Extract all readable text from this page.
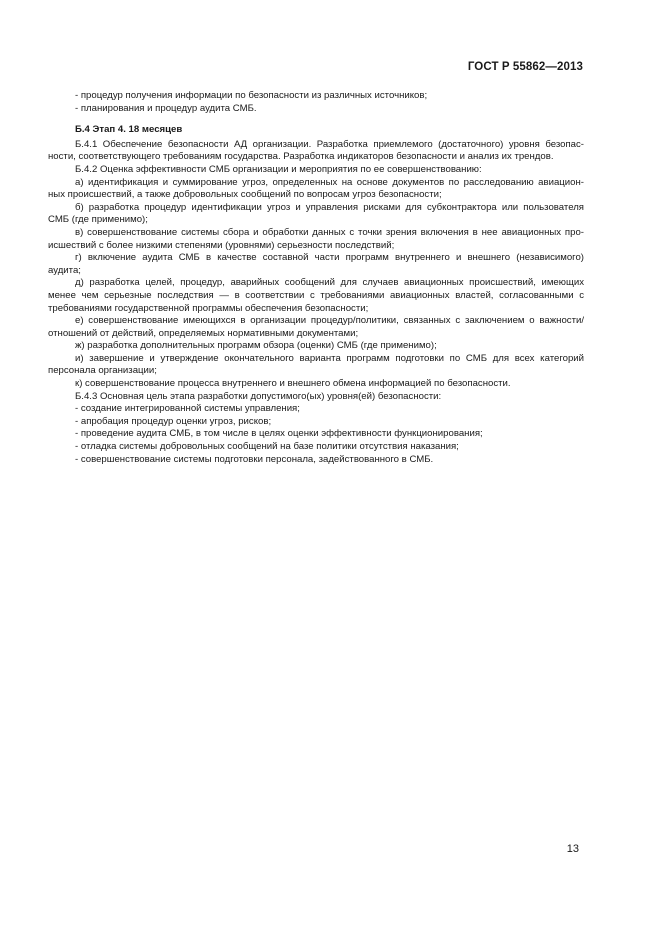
ГОСТ Р 55862—2013
- процедур получения информации по безопасности из различных источников;
- планирования и процедур аудита СМБ.
Б.4 Этап 4. 18 месяцев
Б.4.1 Обеспечение безопасности АД организации. Разработка приемлемого (достаточного) уровня безопас-
ности, соответствующего требованиям государства. Разработка индикаторов безопасности и анализ их трендов.
Б.4.2 Оценка эффективности СМБ организации и мероприятия по ее совершенствованию:
а) идентификация и суммирование угроз, определенных на основе документов по расследованию авиацион-
ных происшествий, а также добровольных сообщений по вопросам угроз безопасности;
б) разработка процедур идентификации угроз и управления рисками для субконтрактора или пользователя
СМБ (где применимо);
в) совершенствование системы сбора и обработки данных с точки зрения включения в нее авиационных про-
исшествий с более низкими степенями (уровнями) серьезности последствий;
г) включение аудита СМБ в качестве составной части программ внутреннего и внешнего (независимого)
аудита;
д) разработка целей, процедур, аварийных сообщений для случаев авиационных происшествий, имеющих
менее чем серьезные последствия — в соответствии с требованиями авиационных властей, согласованными с
требованиями государственной программы обеспечения безопасности;
е) совершенствование имеющихся в организации процедур/политики, связанных с заключением о важности/
отношений от действий, определяемых нормативными документами;
ж) разработка дополнительных программ обзора (оценки) СМБ (где применимо);
и) завершение и утверждение окончательного варианта программ подготовки по СМБ для всех категорий
персонала организации;
к) совершенствование процесса внутреннего и внешнего обмена информацией по безопасности.
Б.4.3 Основная цель этапа разработки допустимого(ых) уровня(ей) безопасности:
- создание интегрированной системы управления;
- апробация процедур оценки угроз, рисков;
- проведение аудита СМБ, в том числе в целях оценки эффективности функционирования;
- отладка системы добровольных сообщений на базе политики отсутствия наказания;
- совершенствование системы подготовки персонала, задействованного в СМБ.
13
